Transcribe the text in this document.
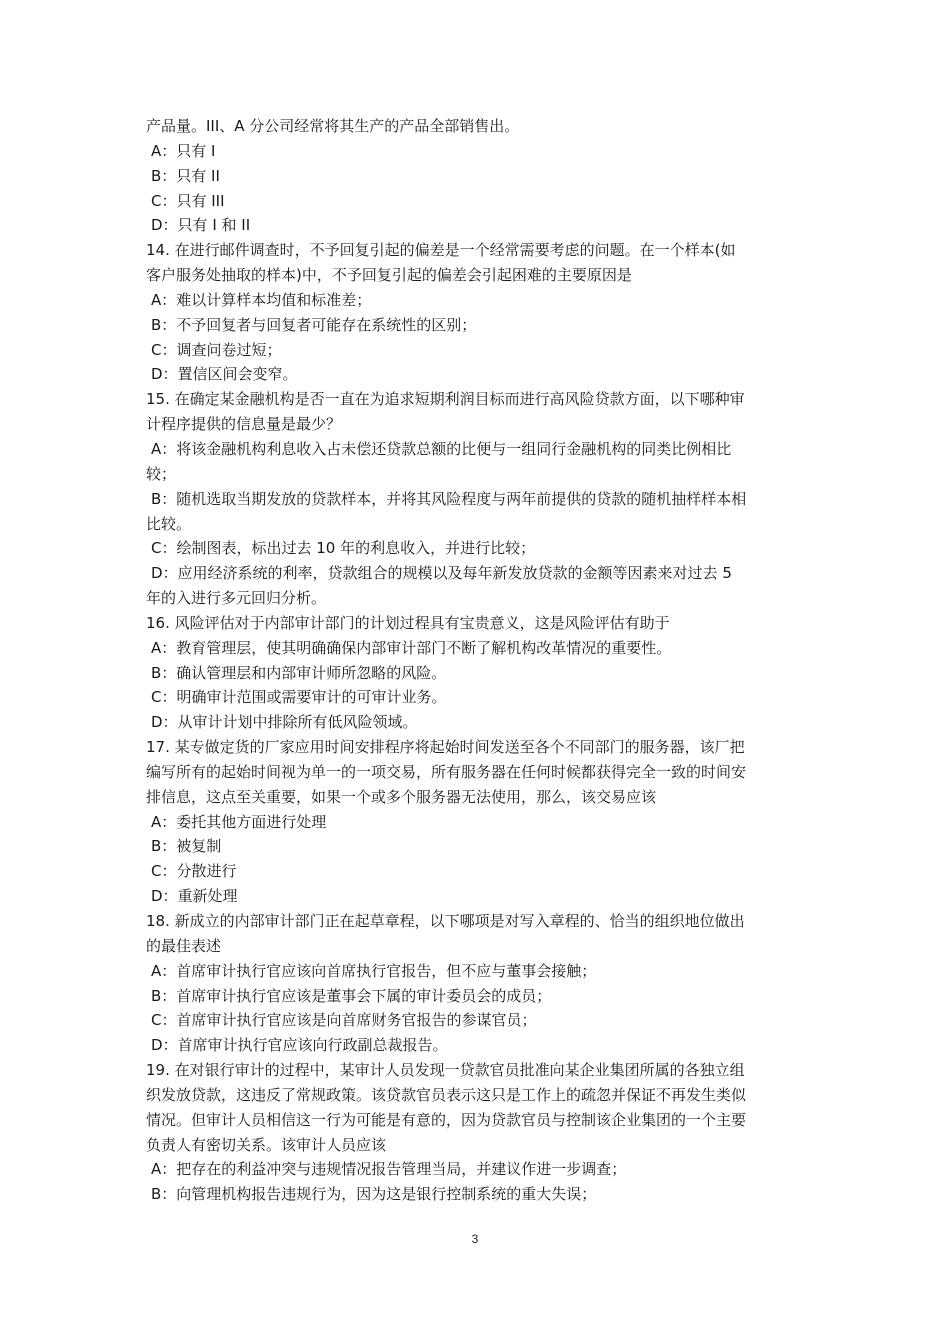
产品量。III、A 分公司经常将其生产的产品全部销售出。
A：只有 I
B：只有 II
C：只有 III
D：只有 I 和 II
14. 在进行邮件调查时，不予回复引起的偏差是一个经常需要考虑的问题。在一个样本(如
客户服务处抽取的样本)中，不予回复引起的偏差会引起困难的主要原因是
A：难以计算样本均值和标准差；
B：不予回复者与回复者可能存在系统性的区别；
C：调查问卷过短；
D：置信区间会变窄。
15. 在确定某金融机构是否一直在为追求短期利润目标而进行高风险贷款方面，以下哪种审
计程序提供的信息量是最少？
A：将该金融机构利息收入占未偿还贷款总额的比便与一组同行金融机构的同类比例相比
较；
B：随机选取当期发放的贷款样本，并将其风险程度与两年前提供的贷款的随机抽样样本相
比较。
C：绘制图表，标出过去 10 年的利息收入，并进行比较；
D：应用经济系统的利率，贷款组合的规模以及每年新发放贷款的金额等因素来对过去 5
年的入进行多元回归分析。
16. 风险评估对于内部审计部门的计划过程具有宝贵意义，这是风险评估有助于
A：教育管理层，使其明确确保内部审计部门不断了解机构改革情况的重要性。
B：确认管理层和内部审计师所忽略的风险。
C：明确审计范围或需要审计的可审计业务。
D：从审计计划中排除所有低风险领域。
17. 某专做定货的厂家应用时间安排程序将起始时间发送至各个不同部门的服务器，该厂把
编写所有的起始时间视为单一的一项交易，所有服务器在任何时候都获得完全一致的时间安
排信息，这点至关重要，如果一个或多个服务器无法使用，那么，该交易应该
A：委托其他方面进行处理
B：被复制
C：分散进行
D：重新处理
18. 新成立的内部审计部门正在起草章程，以下哪项是对写入章程的、恰当的组织地位做出
的最佳表述
A：首席审计执行官应该向首席执行官报告，但不应与董事会接触；
B：首席审计执行官应该是董事会下属的审计委员会的成员；
C：首席审计执行官应该是向首席财务官报告的参谋官员；
D：首席审计执行官应该向行政副总裁报告。
19. 在对银行审计的过程中，某审计人员发现一贷款官员批准向某企业集团所属的各独立组
织发放贷款，这违反了常规政策。该贷款官员表示这只是工作上的疏忽并保证不再发生类似
情况。但审计人员相信这一行为可能是有意的，因为贷款官员与控制该企业集团的一个主要
负责人有密切关系。该审计人员应该
A：把存在的利益冲突与违规情况报告管理当局，并建议作进一步调查；
B：向管理机构报告违规行为，因为这是银行控制系统的重大失误；
3
